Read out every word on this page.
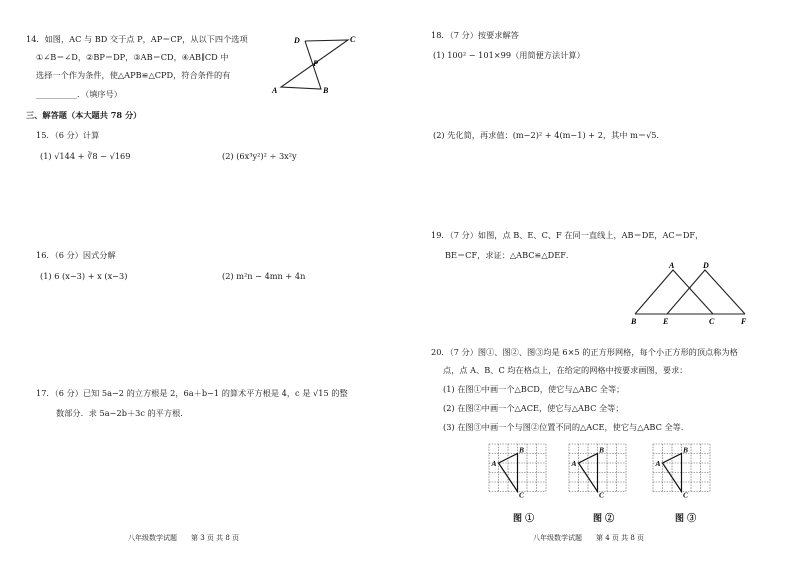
14．如图，AC 与 BD 交于点 P，AP＝CP，从以下四个选项
①∠B＝∠D，②BP＝DP，③AB＝CD，④AB∥CD 中
选择一个作为条件，使△APB≌△CPD，符合条件的有
__________．（填序号）
D	C
P
A	B
三、解答题（本大题共 78 分）
15．（6 分）计算
(1) √144 + ∛8 − √169	(2) (6x³y²)² ÷ 3x²y
16．（6 分）因式分解
(1) 6 (x−3) + x (x−3)	(2) m²n − 4mn + 4n
17．（6 分）已知 5a−2 的立方根是 2，6a＋b−1 的算术平方根是 4，c 是 √15 的整
数部分．求 5a−2b＋3c 的平方根．
八年级数学试题　　第 3 页 共 8 页
18．（7 分）按要求解答
(1) 100² − 101×99（用简便方法计算）
(2) 先化简，再求值：(m−2)² + 4(m−1) + 2，其中 m＝√5．
19．（7 分）如图，点 B、E、C、F 在同一直线上，AB＝DE，AC＝DF，
BE＝CF，求证：△ABC≌△DEF．
A	D
B	E	C	F
20．（7 分）图①、图②、图③均是 6×5 的正方形网格，每个小正方形的顶点称为格
点，点 A、B、C 均在格点上，在给定的网格中按要求画图，要求：
(1) 在图①中画一个△BCD，使它与△ABC 全等；
(2) 在图②中画一个△ACE，使它与△ABC 全等；
(3) 在图③中画一个与图②位置不同的△ACE，使它与△ABC 全等．
A
B
C
A
B
C
A
B
C
图 ①	图 ②	图 ③
八年级数学试题　　第 4 页 共 8 页
